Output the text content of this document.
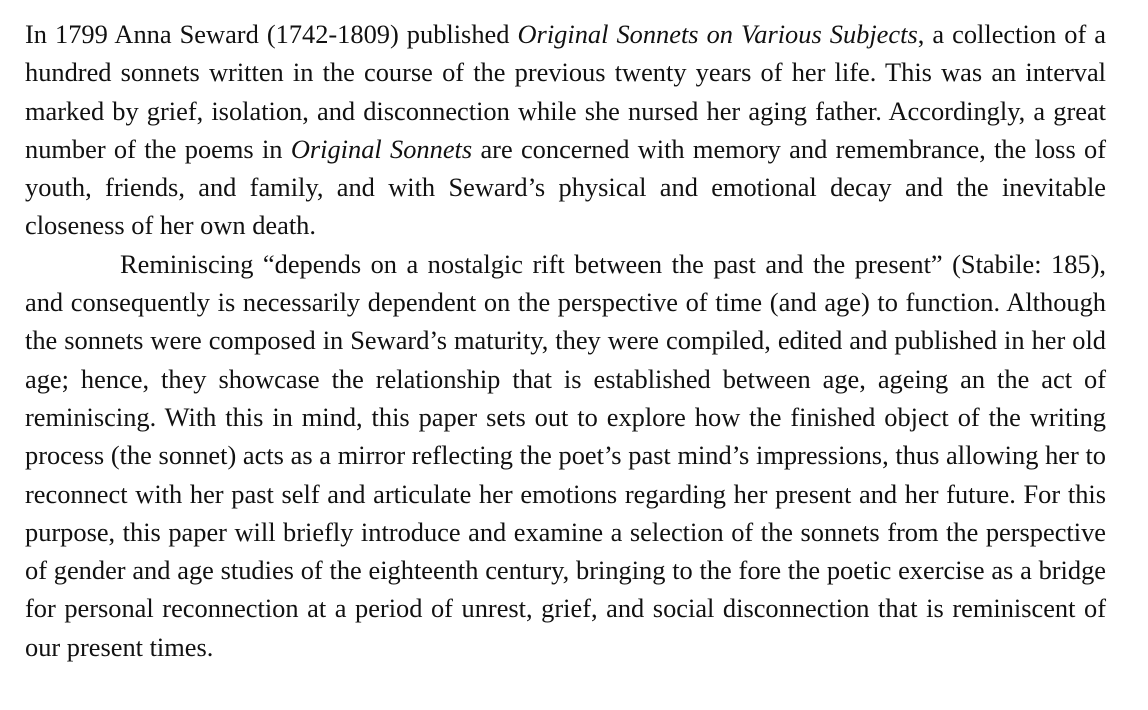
In 1799 Anna Seward (1742-1809) published Original Sonnets on Various Subjects, a collection of a hundred sonnets written in the course of the previous twenty years of her life. This was an interval marked by grief, isolation, and disconnection while she nursed her aging father. Accordingly, a great number of the poems in Original Sonnets are concerned with memory and remembrance, the loss of youth, friends, and family, and with Seward’s physical and emotional decay and the inevitable closeness of her own death.

Reminiscing “depends on a nostalgic rift between the past and the present” (Stabile: 185), and consequently is necessarily dependent on the perspective of time (and age) to function. Although the sonnets were composed in Seward’s maturity, they were compiled, edited and published in her old age; hence, they showcase the relationship that is established between age, ageing an the act of reminiscing. With this in mind, this paper sets out to explore how the finished object of the writing process (the sonnet) acts as a mirror reflecting the poet’s past mind’s impressions, thus allowing her to reconnect with her past self and articulate her emotions regarding her present and her future. For this purpose, this paper will briefly introduce and examine a selection of the sonnets from the perspective of gender and age studies of the eighteenth century, bringing to the fore the poetic exercise as a bridge for personal reconnection at a period of unrest, grief, and social disconnection that is reminiscent of our present times.
